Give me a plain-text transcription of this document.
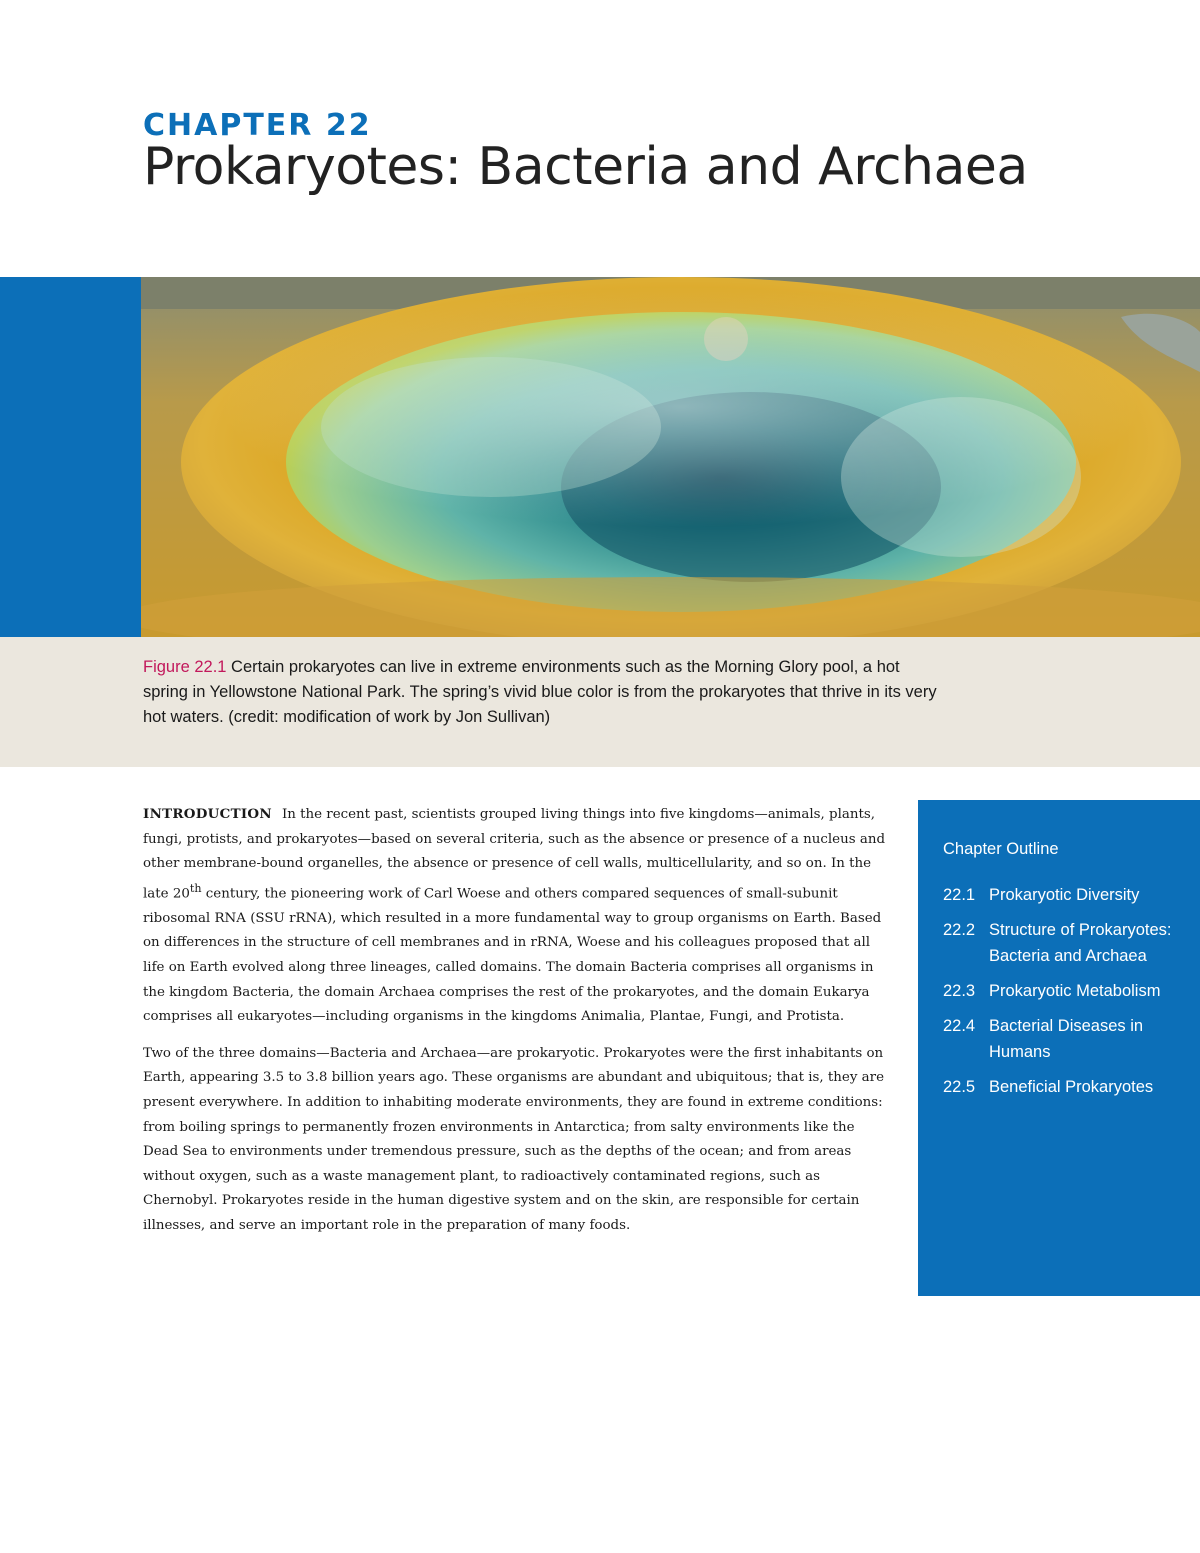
CHAPTER 22
Prokaryotes: Bacteria and Archaea
Figure 22.1 Certain prokaryotes can live in extreme environments such as the Morning Glory pool, a hot spring in Yellowstone National Park. The spring’s vivid blue color is from the prokaryotes that thrive in its very hot waters. (credit: modification of work by Jon Sullivan)

INTRODUCTION In the recent past, scientists grouped living things into five kingdoms—animals, plants, fungi, protists, and prokaryotes—based on several criteria, such as the absence or presence of a nucleus and other membrane-bound organelles, the absence or presence of cell walls, multicellularity, and so on. In the late 20th century, the pioneering work of Carl Woese and others compared sequences of small-subunit ribosomal RNA (SSU rRNA), which resulted in a more fundamental way to group organisms on Earth. Based on differences in the structure of cell membranes and in rRNA, Woese and his colleagues proposed that all life on Earth evolved along three lineages, called domains. The domain Bacteria comprises all organisms in the kingdom Bacteria, the domain Archaea comprises the rest of the prokaryotes, and the domain Eukarya comprises all eukaryotes—including organisms in the kingdoms Animalia, Plantae, Fungi, and Protista.

Two of the three domains—Bacteria and Archaea—are prokaryotic. Prokaryotes were the first inhabitants on Earth, appearing 3.5 to 3.8 billion years ago. These organisms are abundant and ubiquitous; that is, they are present everywhere. In addition to inhabiting moderate environments, they are found in extreme conditions: from boiling springs to permanently frozen environments in Antarctica; from salty environments like the Dead Sea to environments under tremendous pressure, such as the depths of the ocean; and from areas without oxygen, such as a waste management plant, to radioactively contaminated regions, such as Chernobyl. Prokaryotes reside in the human digestive system and on the skin, are responsible for certain illnesses, and serve an important role in the preparation of many foods.

Chapter Outline
22.1 Prokaryotic Diversity
22.2 Structure of Prokaryotes: Bacteria and Archaea
22.3 Prokaryotic Metabolism
22.4 Bacterial Diseases in Humans
22.5 Beneficial Prokaryotes
